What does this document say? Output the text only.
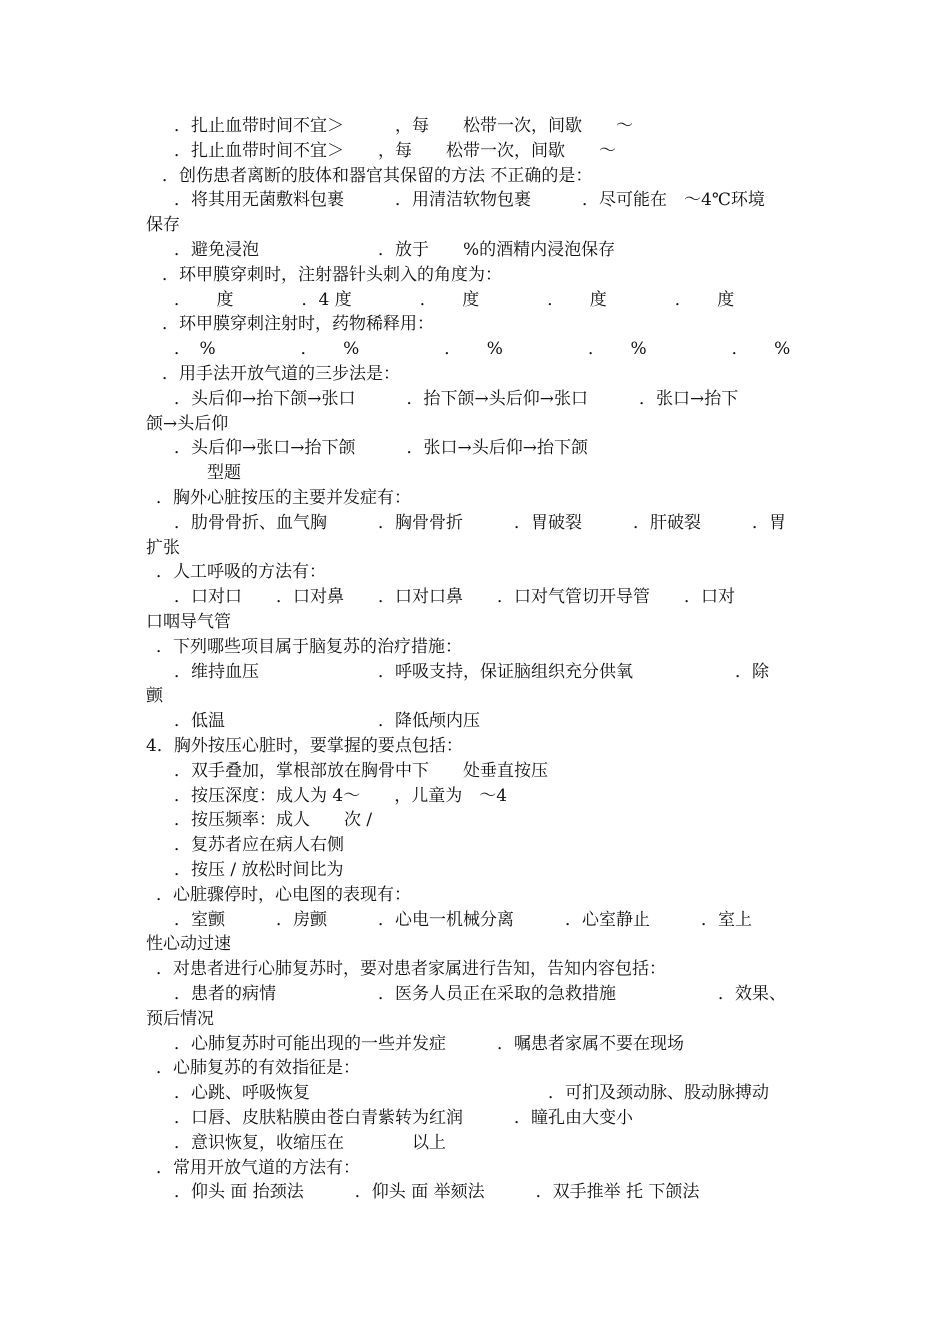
．扎止血带时间不宜＞　　　，每　　松带一次，间歇　　～
．扎止血带时间不宜＞　　，每　　松带一次，间歇　　～
．创伤患者离断的肢体和器官其保留的方法 不正确的是：
．将其用无菌敷料包裹　　　．用清洁软物包裹　　　．尽可能在　～4℃环境
保存
．避免浸泡　　　　　　　．放于　　%的酒精内浸泡保存
．环甲膜穿刺时，注射器针头刺入的角度为：
．　　度　　　　．4 度　　　　．　　度　　　　．　　度　　　　．　　度
．环甲膜穿刺注射时，药物稀释用：
．　%　　　　　．　　%　　　　　．　　%　　　　　．　　%　　　　　．　　%
．用手法开放气道的三步法是：
．头后仰→抬下颌→张口　　　．抬下颌→头后仰→张口　　　．张口→抬下
颌→头后仰
．头后仰→张口→抬下颌　　　．张口→头后仰→抬下颌
型题
．胸外心脏按压的主要并发症有：
．肋骨骨折、血气胸　　　．胸骨骨折　　　．胃破裂　　　．肝破裂　　　．胃
扩张
．人工呼吸的方法有：
．口对口　　．口对鼻　　．口对口鼻　　．口对气管切开导管　　．口对
口咽导气管
．下列哪些项目属于脑复苏的治疗措施：
．维持血压　　　　　　　．呼吸支持，保证脑组织充分供氧　　　　　　．除
颤
．低温　　　　　　　　　．降低颅内压
4．胸外按压心脏时，要掌握的要点包括：
．双手叠加，掌根部放在胸骨中下　　处垂直按压
．按压深度：成人为 4～　　，儿童为　～4
．按压频率：成人　　次 /
．复苏者应在病人右侧
．按压 / 放松时间比为
．心脏骤停时，心电图的表现有：
．室颤　　　．房颤　　　．心电一机械分离　　　．心室静止　　　．室上
性心动过速
．对患者进行心肺复苏时，要对患者家属进行告知，告知内容包括：
．患者的病情　　　　　　．医务人员正在采取的急救措施　　　　　　．效果、
预后情况
．心肺复苏时可能出现的一些并发症　　　．嘱患者家属不要在现场
．心肺复苏的有效指征是：
．心跳、呼吸恢复　　　　　　　　　　　　　　．可扪及颈动脉、股动脉搏动
．口唇、皮肤粘膜由苍白青紫转为红润　　　．瞳孔由大变小
．意识恢复，收缩压在　　　　以上
．常用开放气道的方法有：
．仰头 面 抬颈法　　　．仰头 面 举颏法　　　．双手推举 托 下颌法
